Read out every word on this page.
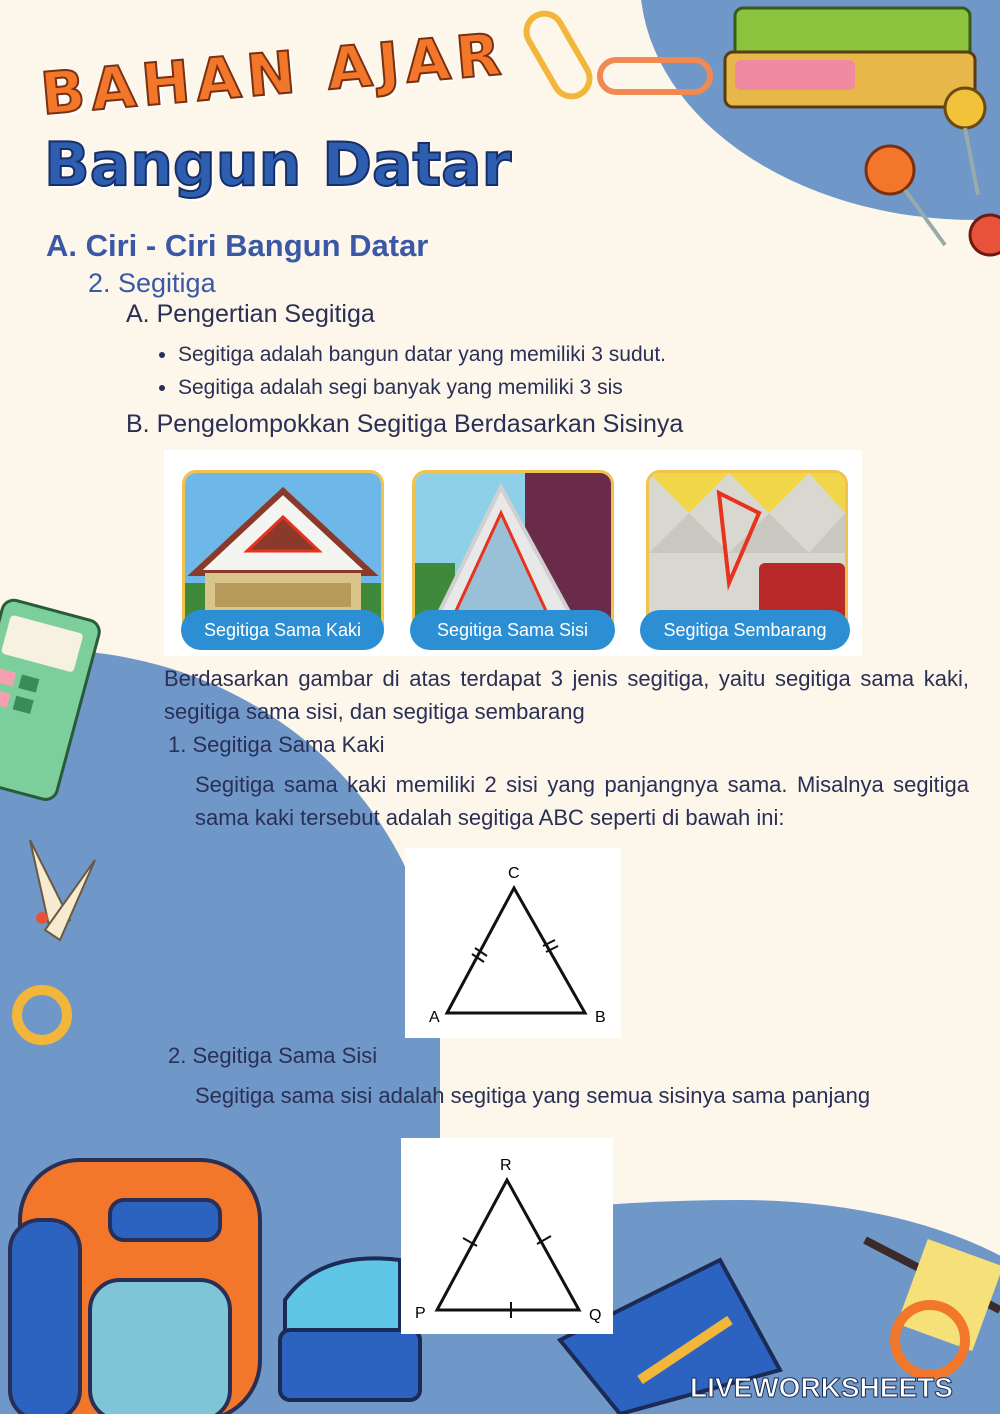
BAHAN AJAR
Bangun Datar
A. Ciri - Ciri Bangun Datar
2. Segitiga
A. Pengertian Segitiga
• Segitiga adalah bangun datar yang memiliki 3 sudut.
• Segitiga adalah segi banyak yang memiliki 3 sis
B. Pengelompokkan Segitiga Berdasarkan Sisinya
Segitiga Sama Kaki	Segitiga Sama Sisi	Segitiga Sembarang
Berdasarkan gambar di atas terdapat 3 jenis segitiga, yaitu segitiga sama kaki, segitiga sama sisi, dan segitiga sembarang
1. Segitiga Sama Kaki
Segitiga sama kaki memiliki 2 sisi yang panjangnya sama. Misalnya segitiga sama kaki tersebut adalah segitiga ABC seperti di bawah ini:
C
A	B
2. Segitiga Sama Sisi
Segitiga sama sisi adalah segitiga yang semua sisinya sama panjang
R
P	Q
LIVEWORKSHEETS
